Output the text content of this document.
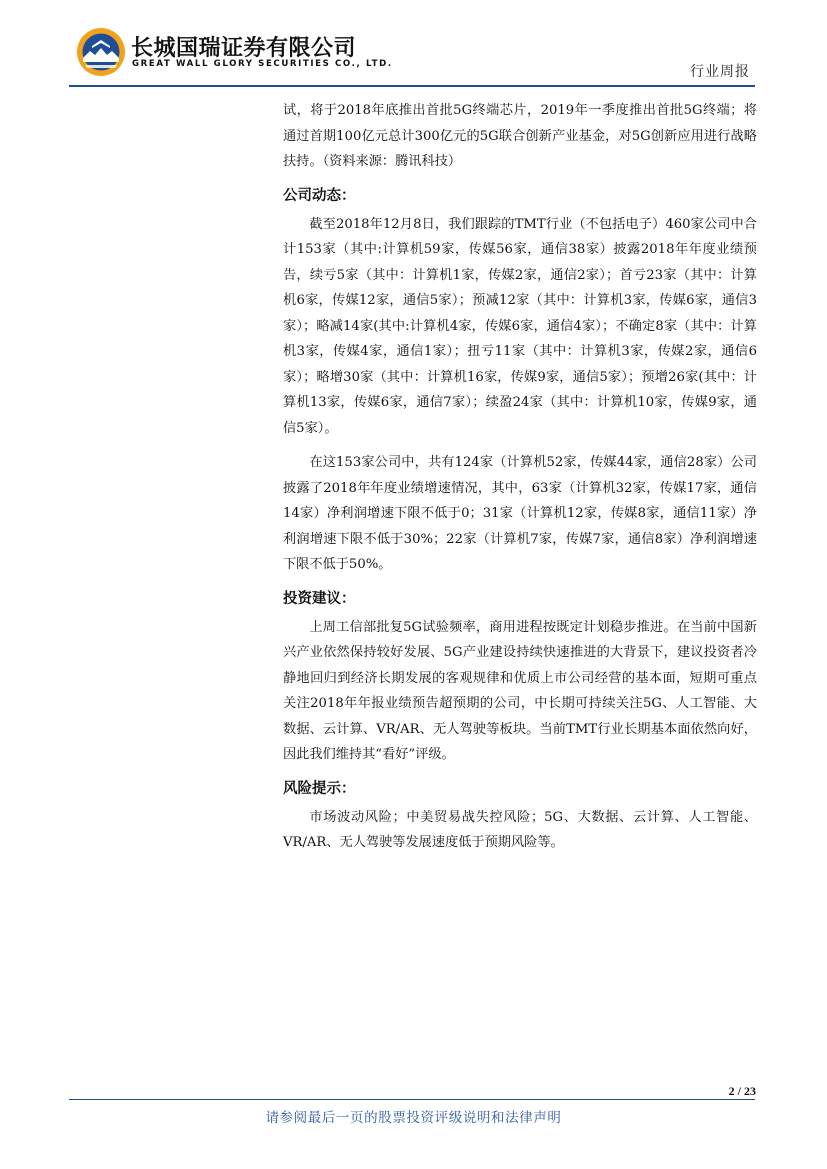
长城国瑞证券有限公司
GREAT WALL GLORY SECURITIES CO., LTD.	行业周报

试，将于2018年底推出首批5G终端芯片，2019年一季度推出首批5G终端；将通过首期100亿元总计300亿元的5G联合创新产业基金，对5G创新应用进行战略扶持。（资料来源：腾讯科技）

公司动态：

截至2018年12月8日，我们跟踪的TMT行业（不包括电子）460家公司中合计153家（其中:计算机59家，传媒56家，通信38家）披露2018年年度业绩预告，续亏5家（其中：计算机1家，传媒2家，通信2家）；首亏23家（其中：计算机6家，传媒12家，通信5家）；预减12家（其中：计算机3家，传媒6家，通信3家）；略减14家(其中:计算机4家，传媒6家，通信4家）；不确定8家（其中：计算机3家，传媒4家，通信1家）；扭亏11家（其中：计算机3家，传媒2家，通信6家）；略增30家（其中：计算机16家，传媒9家，通信5家）；预增26家(其中：计算机13家，传媒6家，通信7家）；续盈24家（其中：计算机10家，传媒9家，通信5家）。

在这153家公司中，共有124家（计算机52家，传媒44家，通信28家）公司披露了2018年年度业绩增速情况，其中，63家（计算机32家，传媒17家，通信14家）净利润增速下限不低于0；31家（计算机12家，传媒8家，通信11家）净利润增速下限不低于30%；22家（计算机7家，传媒7家，通信8家）净利润增速下限不低于50%。

投资建议：

上周工信部批复5G试验频率，商用进程按既定计划稳步推进。在当前中国新兴产业依然保持较好发展、5G产业建设持续快速推进的大背景下，建议投资者冷静地回归到经济长期发展的客观规律和优质上市公司经营的基本面，短期可重点关注2018年年报业绩预告超预期的公司，中长期可持续关注5G、人工智能、大数据、云计算、VR/AR、无人驾驶等板块。当前TMT行业长期基本面依然向好，因此我们维持其“看好”评级。

风险提示：

市场波动风险；中美贸易战失控风险；5G、大数据、云计算、人工智能、VR/AR、无人驾驶等发展速度低于预期风险等。

2 / 23
请参阅最后一页的股票投资评级说明和法律声明
